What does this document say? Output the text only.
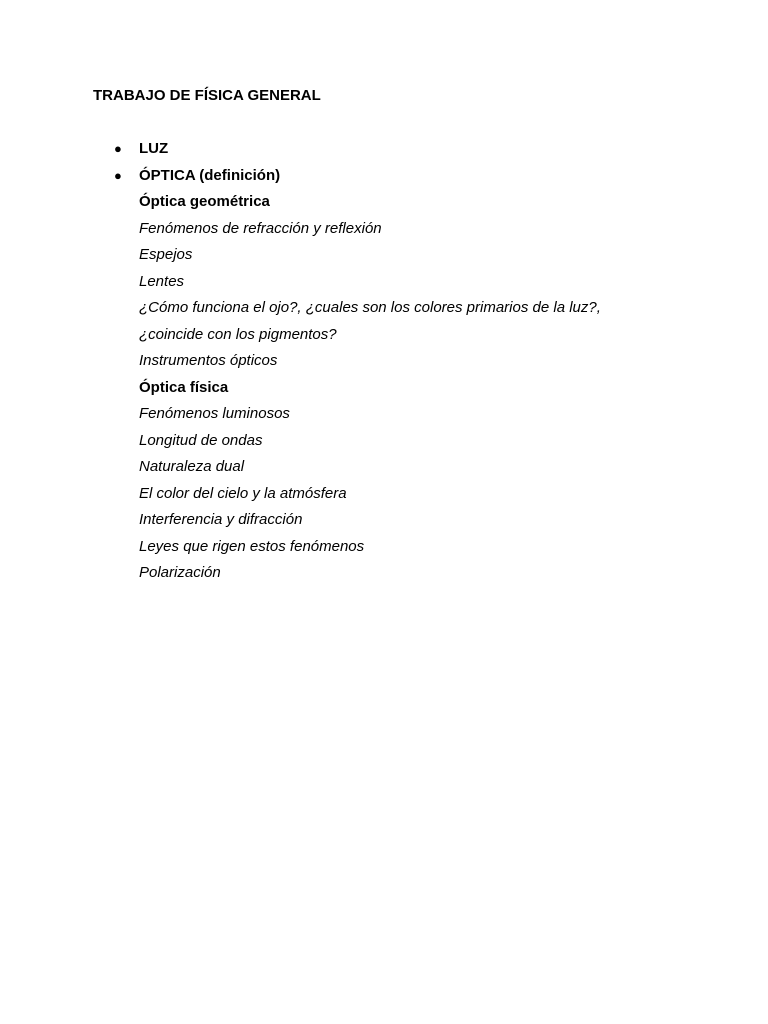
TRABAJO DE FÍSICA GENERAL
● LUZ
● ÓPTICA (definición)
Óptica geométrica
Fenómenos de refracción y reflexión
Espejos
Lentes
¿Cómo funciona el ojo?, ¿cuales son los colores primarios de la luz?,
¿coincide con los pigmentos?
Instrumentos ópticos
Óptica física
Fenómenos luminosos
Longitud de ondas
Naturaleza dual
El color del cielo y la atmósfera
Interferencia y difracción
Leyes que rigen estos fenómenos
Polarización
